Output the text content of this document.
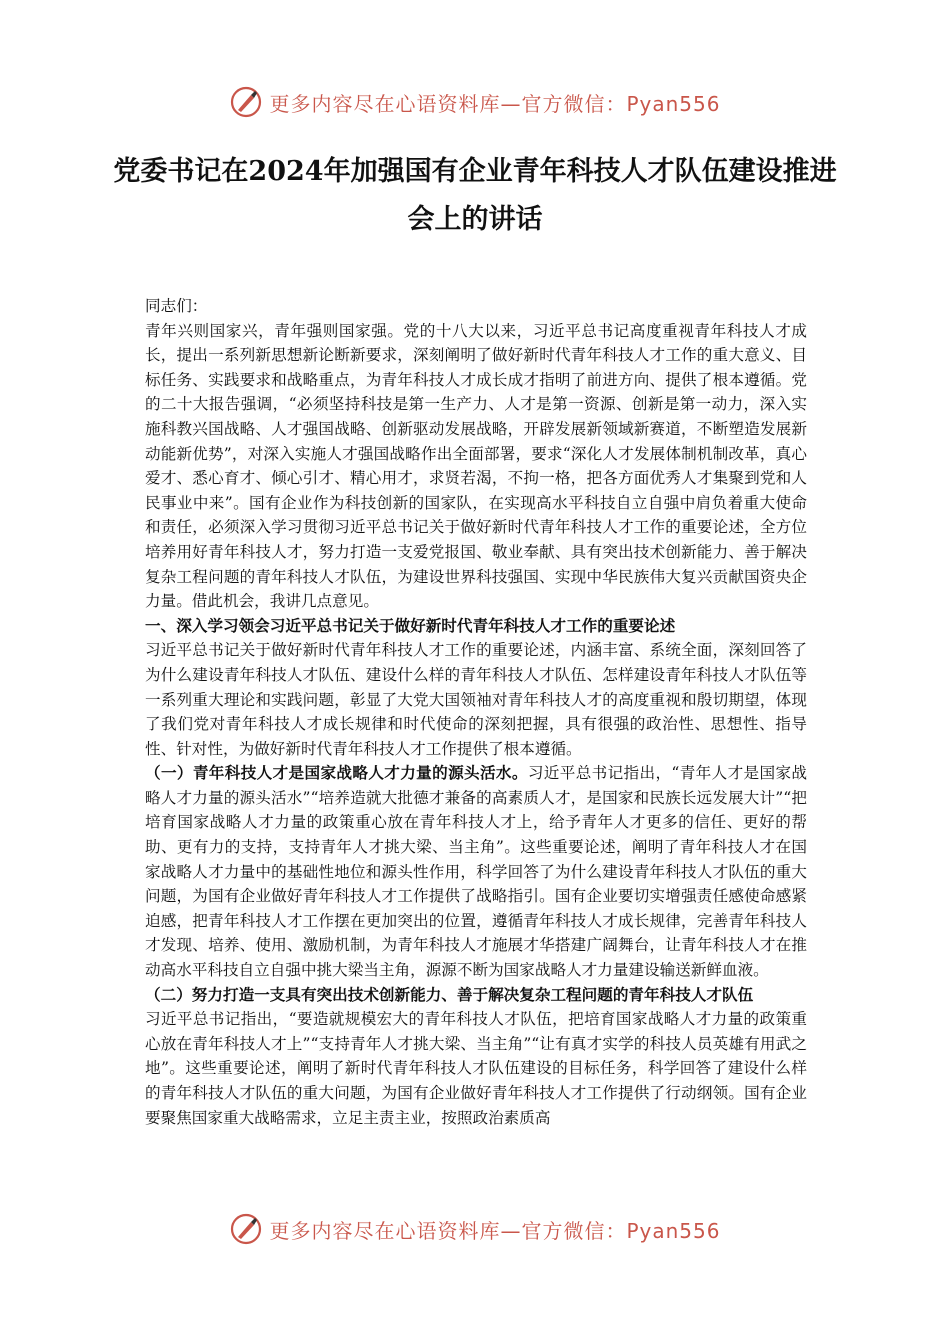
更多内容尽在心语资料库—官方微信：Pyan556
党委书记在2024年加强国有企业青年科技人才队伍建设推进会上的讲话

同志们：

青年兴则国家兴，青年强则国家强。党的十八大以来，习近平总书记高度重视青年科技人才成长，提出一系列新思想新论断新要求，深刻阐明了做好新时代青年科技人才工作的重大意义、目标任务、实践要求和战略重点，为青年科技人才成长成才指明了前进方向、提供了根本遵循。党的二十大报告强调，“必须坚持科技是第一生产力、人才是第一资源、创新是第一动力，深入实施科教兴国战略、人才强国战略、创新驱动发展战略，开辟发展新领域新赛道，不断塑造发展新动能新优势”，对深入实施人才强国战略作出全面部署，要求“深化人才发展体制机制改革，真心爱才、悉心育才、倾心引才、精心用才，求贤若渴，不拘一格，把各方面优秀人才集聚到党和人民事业中来”。国有企业作为科技创新的国家队，在实现高水平科技自立自强中肩负着重大使命和责任，必须深入学习贯彻习近平总书记关于做好新时代青年科技人才工作的重要论述，全方位培养用好青年科技人才，努力打造一支爱党报国、敬业奉献、具有突出技术创新能力、善于解决复杂工程问题的青年科技人才队伍，为建设世界科技强国、实现中华民族伟大复兴贡献国资央企力量。借此机会，我讲几点意见。

一、深入学习领会习近平总书记关于做好新时代青年科技人才工作的重要论述

习近平总书记关于做好新时代青年科技人才工作的重要论述，内涵丰富、系统全面，深刻回答了为什么建设青年科技人才队伍、建设什么样的青年科技人才队伍、怎样建设青年科技人才队伍等一系列重大理论和实践问题，彰显了大党大国领袖对青年科技人才的高度重视和殷切期望，体现了我们党对青年科技人才成长规律和时代使命的深刻把握，具有很强的政治性、思想性、指导性、针对性，为做好新时代青年科技人才工作提供了根本遵循。

（一）青年科技人才是国家战略人才力量的源头活水。习近平总书记指出，“青年人才是国家战略人才力量的源头活水”“培养造就大批德才兼备的高素质人才，是国家和民族长远发展大计”“把培育国家战略人才力量的政策重心放在青年科技人才上，给予青年人才更多的信任、更好的帮助、更有力的支持，支持青年人才挑大梁、当主角”。这些重要论述，阐明了青年科技人才在国家战略人才力量中的基础性地位和源头性作用，科学回答了为什么建设青年科技人才队伍的重大问题，为国有企业做好青年科技人才工作提供了战略指引。国有企业要切实增强责任感使命感紧迫感，把青年科技人才工作摆在更加突出的位置，遵循青年科技人才成长规律，完善青年科技人才发现、培养、使用、激励机制，为青年科技人才施展才华搭建广阔舞台，让青年科技人才在推动高水平科技自立自强中挑大梁当主角，源源不断为国家战略人才力量建设输送新鲜血液。

（二）努力打造一支具有突出技术创新能力、善于解决复杂工程问题的青年科技人才队伍

习近平总书记指出，“要造就规模宏大的青年科技人才队伍，把培育国家战略人才力量的政策重心放在青年科技人才上”“支持青年人才挑大梁、当主角”“让有真才实学的科技人员英雄有用武之地”。这些重要论述，阐明了新时代青年科技人才队伍建设的目标任务，科学回答了建设什么样的青年科技人才队伍的重大问题，为国有企业做好青年科技人才工作提供了行动纲领。国有企业要聚焦国家重大战略需求，立足主责主业，按照政治素质高

更多内容尽在心语资料库—官方微信：Pyan556
